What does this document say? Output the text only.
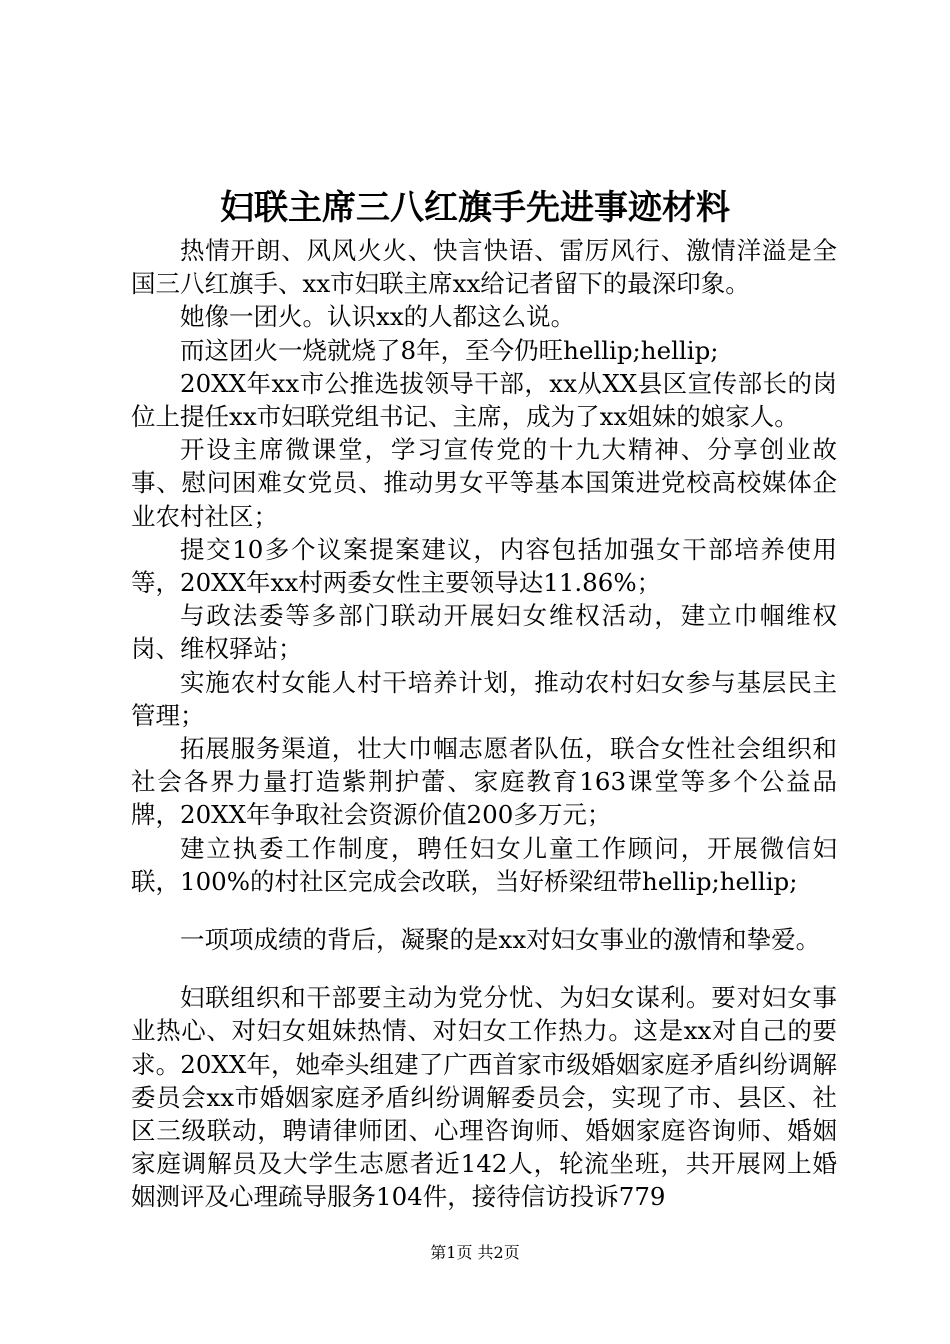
妇联主席三八红旗手先进事迹材料

热情开朗、风风火火、快言快语、雷厉风行、激情洋溢是全国三八红旗手、xx市妇联主席xx给记者留下的最深印象。

她像一团火。认识xx的人都这么说。

而这团火一烧就烧了8年，至今仍旺hellip;hellip;

20XX年xx市公推选拔领导干部，xx从XX县区宣传部长的岗位上提任xx市妇联党组书记、主席，成为了xx姐妹的娘家人。

开设主席微课堂，学习宣传党的十九大精神、分享创业故事、慰问困难女党员、推动男女平等基本国策进党校高校媒体企业农村社区；

提交10多个议案提案建议，内容包括加强女干部培养使用等，20XX年xx村两委女性主要领导达11.86%；

与政法委等多部门联动开展妇女维权活动，建立巾帼维权岗、维权驿站；

实施农村女能人村干培养计划，推动农村妇女参与基层民主管理；

拓展服务渠道，壮大巾帼志愿者队伍，联合女性社会组织和社会各界力量打造紫荆护蕾、家庭教育163课堂等多个公益品牌，20XX年争取社会资源价值200多万元；

建立执委工作制度，聘任妇女儿童工作顾问，开展微信妇联，100%的村社区完成会改联，当好桥梁纽带hellip;hellip;

一项项成绩的背后，凝聚的是xx对妇女事业的激情和挚爱。

妇联组织和干部要主动为党分忧、为妇女谋利。要对妇女事业热心、对妇女姐妹热情、对妇女工作热力。这是xx对自己的要求。20XX年，她牵头组建了广西首家市级婚姻家庭矛盾纠纷调解委员会xx市婚姻家庭矛盾纠纷调解委员会，实现了市、县区、社区三级联动，聘请律师团、心理咨询师、婚姻家庭咨询师、婚姻家庭调解员及大学生志愿者近142人，轮流坐班，共开展网上婚姻测评及心理疏导服务104件，接待信访投诉779

第1页 共2页
